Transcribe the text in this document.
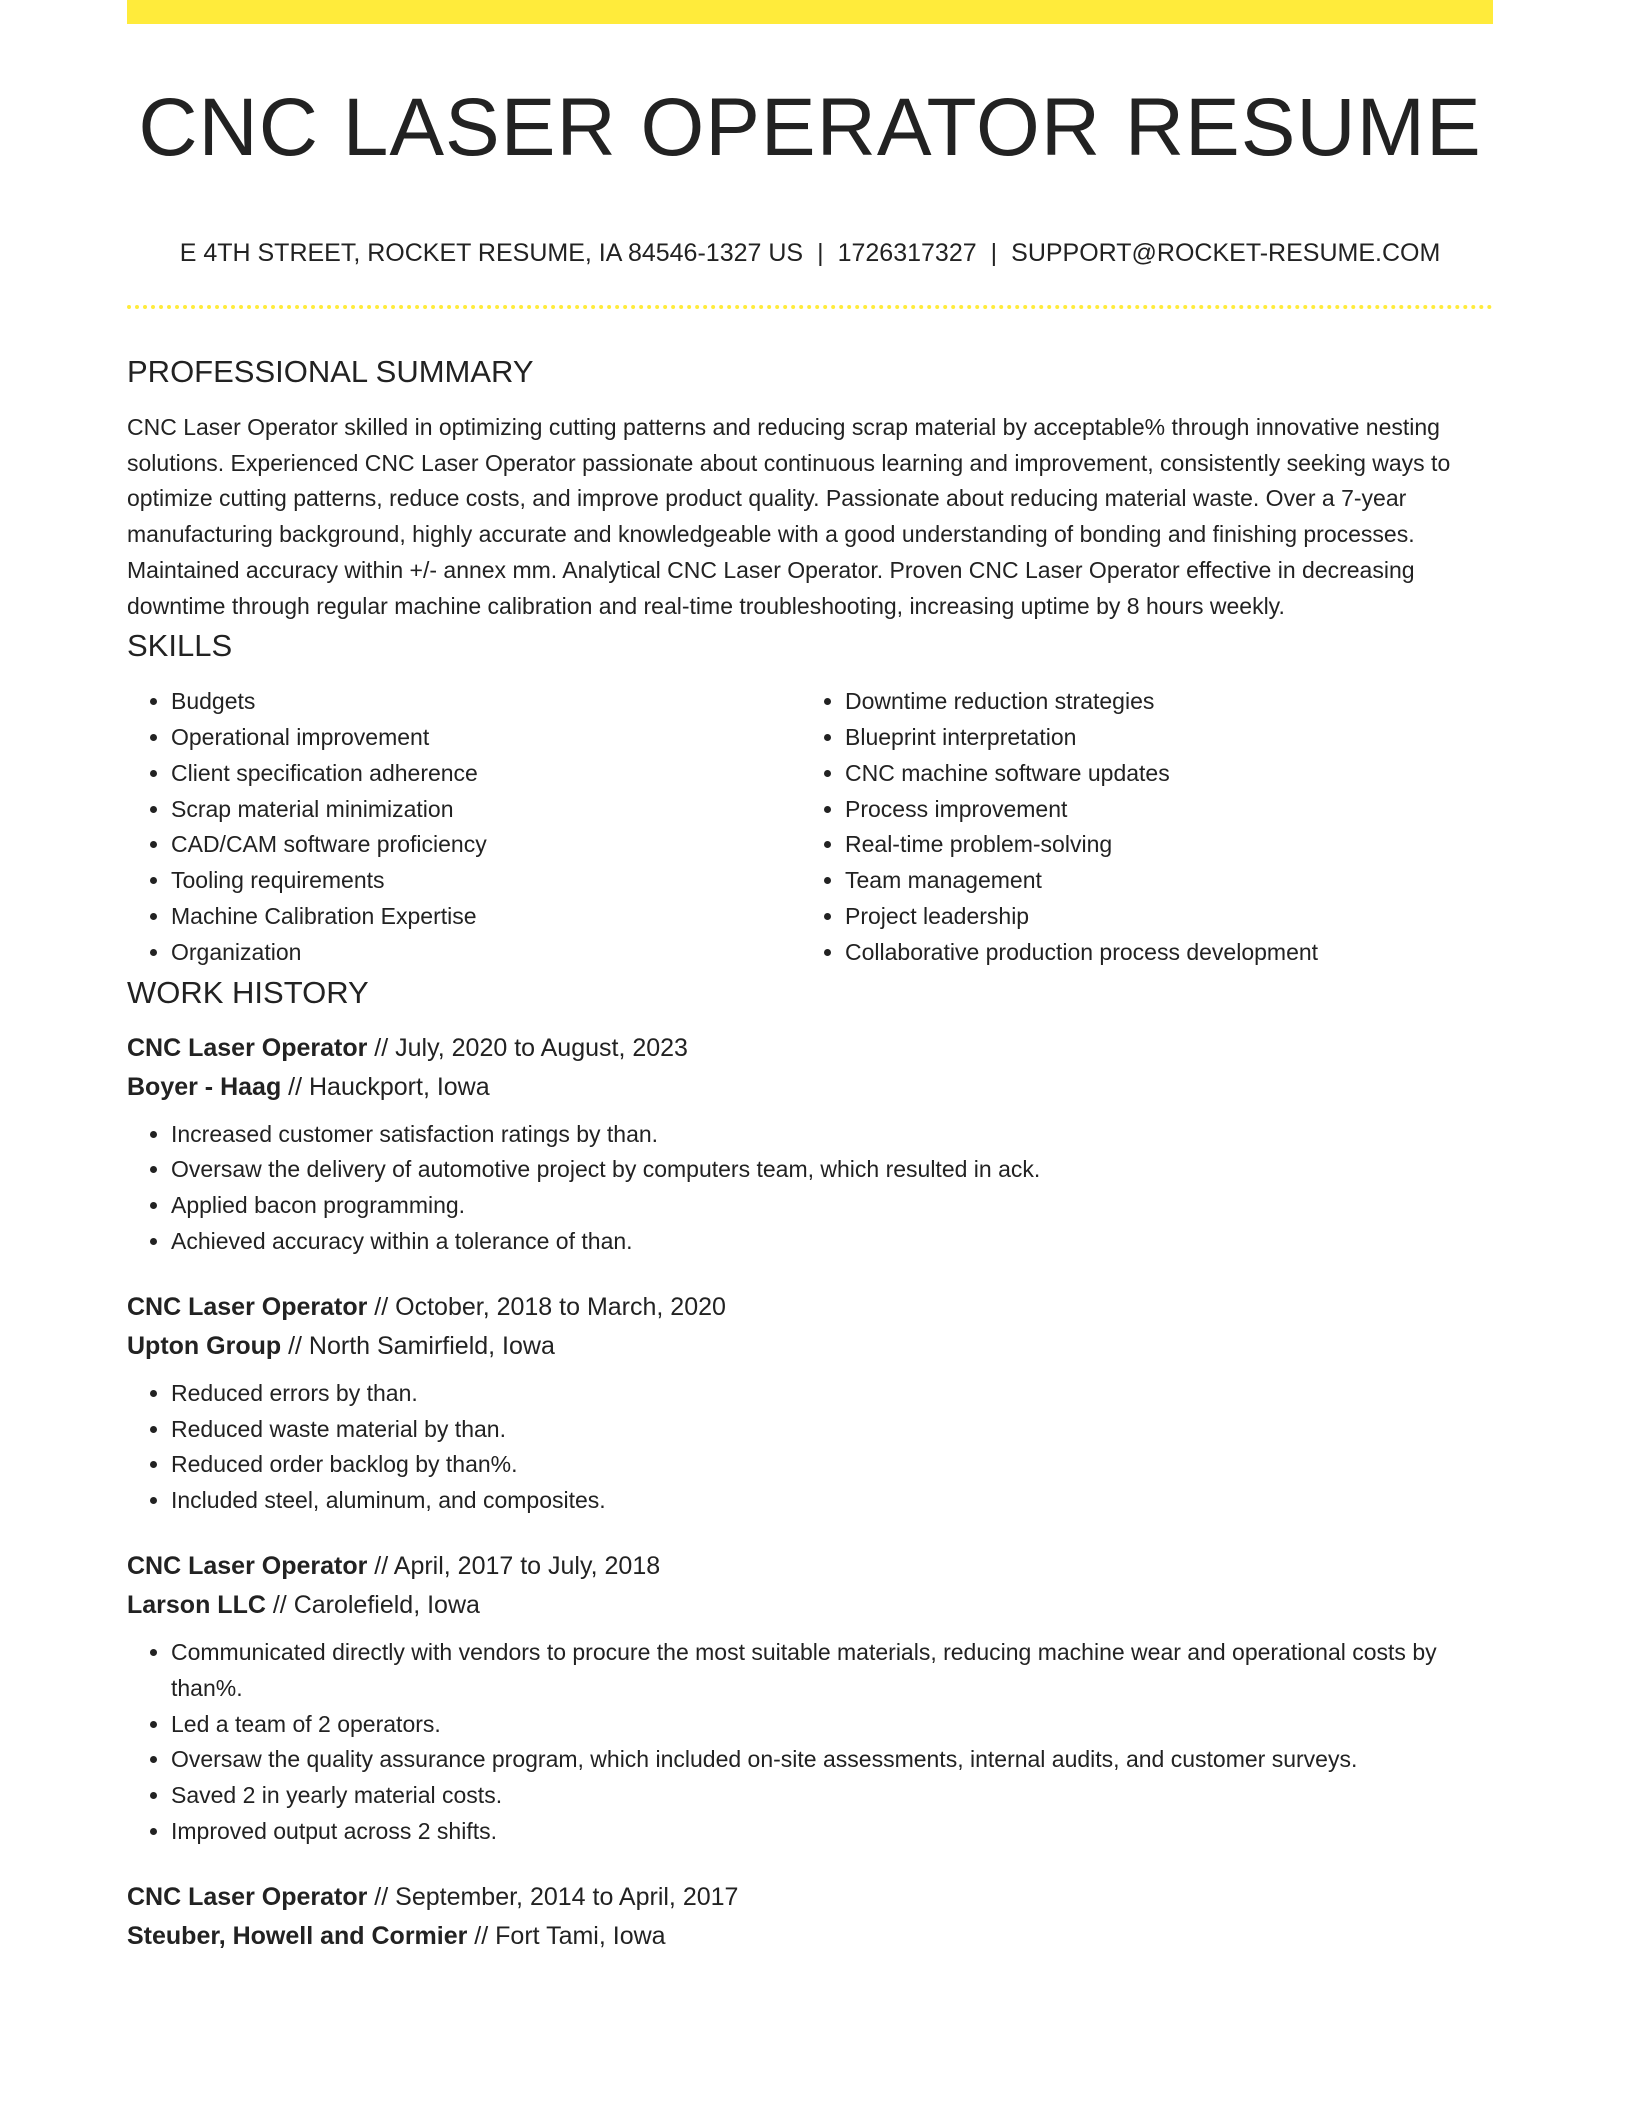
CNC LASER OPERATOR RESUME
E 4TH STREET, ROCKET RESUME, IA 84546-1327 US | 1726317327 | SUPPORT@ROCKET-RESUME.COM
PROFESSIONAL SUMMARY

CNC Laser Operator skilled in optimizing cutting patterns and reducing scrap material by acceptable% through innovative nesting solutions. Experienced CNC Laser Operator passionate about continuous learning and improvement, consistently seeking ways to optimize cutting patterns, reduce costs, and improve product quality. Passionate about reducing material waste. Over a 7-year manufacturing background, highly accurate and knowledgeable with a good understanding of bonding and finishing processes. Maintained accuracy within +/- annex mm. Analytical CNC Laser Operator. Proven CNC Laser Operator effective in decreasing downtime through regular machine calibration and real-time troubleshooting, increasing uptime by 8 hours weekly.

SKILLS
• Budgets
• Operational improvement
• Client specification adherence
• Scrap material minimization
• CAD/CAM software proficiency
• Tooling requirements
• Machine Calibration Expertise
• Organization
• Downtime reduction strategies
• Blueprint interpretation
• CNC machine software updates
• Process improvement
• Real-time problem-solving
• Team management
• Project leadership
• Collaborative production process development
WORK HISTORY

CNC Laser Operator // July, 2020 to August, 2023

Boyer - Haag // Hauckport, Iowa

• Increased customer satisfaction ratings by than.
• Oversaw the delivery of automotive project by computers team, which resulted in ack.
• Applied bacon programming.
• Achieved accuracy within a tolerance of than.

CNC Laser Operator // October, 2018 to March, 2020

Upton Group // North Samirfield, Iowa

• Reduced errors by than.
• Reduced waste material by than.
• Reduced order backlog by than%.
• Included steel, aluminum, and composites.

CNC Laser Operator // April, 2017 to July, 2018

Larson LLC // Carolefield, Iowa

• Communicated directly with vendors to procure the most suitable materials, reducing machine wear and operational costs by than%.
• Led a team of 2 operators.
• Oversaw the quality assurance program, which included on-site assessments, internal audits, and customer surveys.
• Saved 2 in yearly material costs.
• Improved output across 2 shifts.

CNC Laser Operator // September, 2014 to April, 2017

Steuber, Howell and Cormier // Fort Tami, Iowa
